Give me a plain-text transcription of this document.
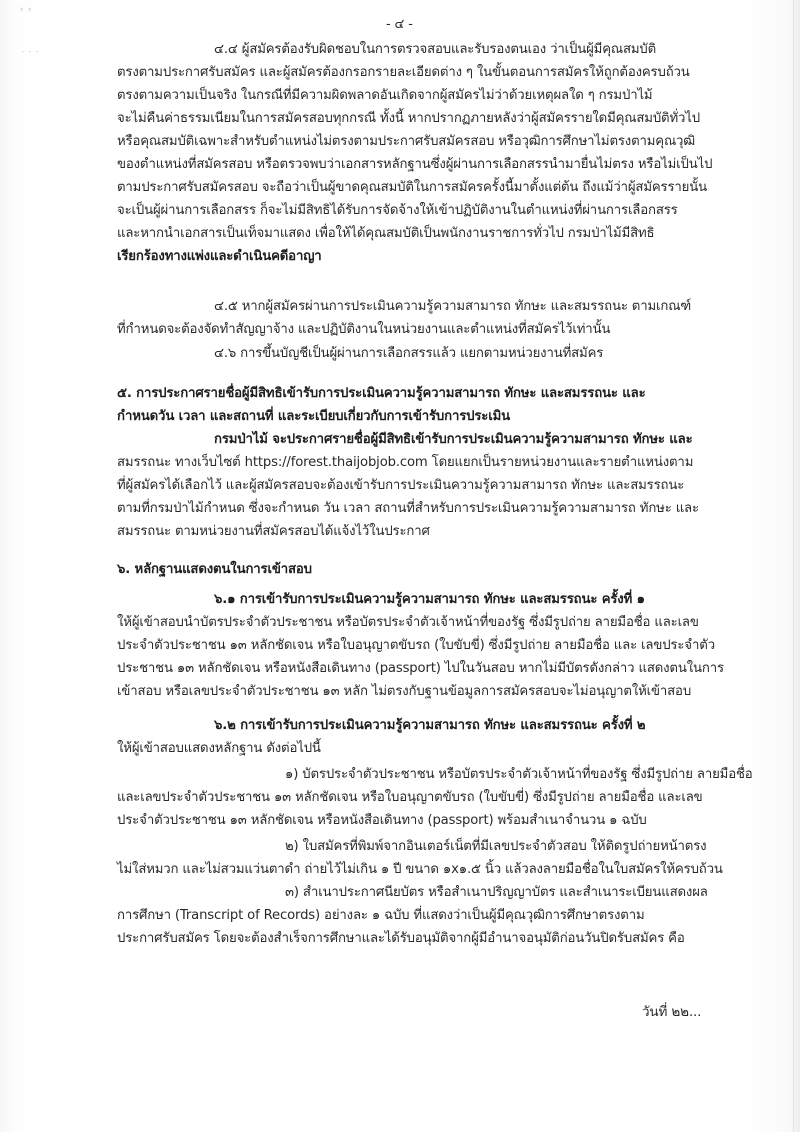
ะ ะ
- - -
- ๔ -
๔.๔ ผู้สมัครต้องรับผิดชอบในการตรวจสอบและรับรองตนเอง ว่าเป็นผู้มีคุณสมบัติ
ตรงตามประกาศรับสมัคร และผู้สมัครต้องกรอกรายละเอียดต่าง ๆ ในขั้นตอนการสมัครให้ถูกต้องครบถ้วน
ตรงตามความเป็นจริง ในกรณีที่มีความผิดพลาดอันเกิดจากผู้สมัครไม่ว่าด้วยเหตุผลใด ๆ กรมป่าไม้
จะไม่คืนค่าธรรมเนียมในการสมัครสอบทุกกรณี ทั้งนี้ หากปรากฏภายหลังว่าผู้สมัครรายใดมีคุณสมบัติทั่วไป
หรือคุณสมบัติเฉพาะสำหรับตำแหน่งไม่ตรงตามประกาศรับสมัครสอบ หรือวุฒิการศึกษาไม่ตรงตามคุณวุฒิ
ของตำแหน่งที่สมัครสอบ หรือตรวจพบว่าเอกสารหลักฐานซึ่งผู้ผ่านการเลือกสรรนำมายื่นไม่ตรง หรือไม่เป็นไป
ตามประกาศรับสมัครสอบ จะถือว่าเป็นผู้ขาดคุณสมบัติในการสมัครครั้งนี้มาตั้งแต่ต้น ถึงแม้ว่าผู้สมัครรายนั้น
จะเป็นผู้ผ่านการเลือกสรร ก็จะไม่มีสิทธิได้รับการจัดจ้างให้เข้าปฏิบัติงานในตำแหน่งที่ผ่านการเลือกสรร
และหากนำเอกสารเป็นเท็จมาแสดง เพื่อให้ได้คุณสมบัติเป็นพนักงานราชการทั่วไป กรมป่าไม้มีสิทธิ
เรียกร้องทางแพ่งและดำเนินคดีอาญา
๔.๕ หากผู้สมัครผ่านการประเมินความรู้ความสามารถ ทักษะ และสมรรถนะ ตามเกณฑ์
ที่กำหนดจะต้องจัดทำสัญญาจ้าง และปฏิบัติงานในหน่วยงานและตำแหน่งที่สมัครไว้เท่านั้น
๔.๖ การขึ้นบัญชีเป็นผู้ผ่านการเลือกสรรแล้ว แยกตามหน่วยงานที่สมัคร
๕. การประกาศรายชื่อผู้มีสิทธิเข้ารับการประเมินความรู้ความสามารถ ทักษะ และสมรรถนะ และ
กำหนดวัน เวลา และสถานที่ และระเบียบเกี่ยวกับการเข้ารับการประเมิน
กรมป่าไม้ จะประกาศรายชื่อผู้มีสิทธิเข้ารับการประเมินความรู้ความสามารถ ทักษะ และ
สมรรถนะ ทางเว็บไซต์ https://forest.thaijobjob.com โดยแยกเป็นรายหน่วยงานและรายตำแหน่งตาม
ที่ผู้สมัครได้เลือกไว้ และผู้สมัครสอบจะต้องเข้ารับการประเมินความรู้ความสามารถ ทักษะ และสมรรถนะ
ตามที่กรมป่าไม้กำหนด ซึ่งจะกำหนด วัน เวลา สถานที่สำหรับการประเมินความรู้ความสามารถ ทักษะ และ
สมรรถนะ ตามหน่วยงานที่สมัครสอบได้แจ้งไว้ในประกาศ
๖. หลักฐานแสดงตนในการเข้าสอบ
๖.๑ การเข้ารับการประเมินความรู้ความสามารถ ทักษะ และสมรรถนะ ครั้งที่ ๑
ให้ผู้เข้าสอบนำบัตรประจำตัวประชาชน หรือบัตรประจำตัวเจ้าหน้าที่ของรัฐ ซึ่งมีรูปถ่าย ลายมือชื่อ และเลข
ประจำตัวประชาชน ๑๓ หลักชัดเจน หรือใบอนุญาตขับรถ (ใบขับขี่) ซึ่งมีรูปถ่าย ลายมือชื่อ และ เลขประจำตัว
ประชาชน ๑๓ หลักชัดเจน หรือหนังสือเดินทาง (passport) ไปในวันสอบ หากไม่มีบัตรดังกล่าว แสดงตนในการ
เข้าสอบ หรือเลขประจำตัวประชาชน ๑๓ หลัก ไม่ตรงกับฐานข้อมูลการสมัครสอบจะไม่อนุญาตให้เข้าสอบ
๖.๒ การเข้ารับการประเมินความรู้ความสามารถ ทักษะ และสมรรถนะ ครั้งที่ ๒
ให้ผู้เข้าสอบแสดงหลักฐาน ดังต่อไปนี้
๑) บัตรประจำตัวประชาชน หรือบัตรประจำตัวเจ้าหน้าที่ของรัฐ ซึ่งมีรูปถ่าย ลายมือชื่อ
และเลขประจำตัวประชาชน ๑๓ หลักชัดเจน หรือใบอนุญาตขับรถ (ใบขับขี่) ซึ่งมีรูปถ่าย ลายมือชื่อ และเลข
ประจำตัวประชาชน ๑๓ หลักชัดเจน หรือหนังสือเดินทาง (passport) พร้อมสำเนาจำนวน ๑ ฉบับ
๒) ใบสมัครที่พิมพ์จากอินเตอร์เน็ตที่มีเลขประจำตัวสอบ ให้ติดรูปถ่ายหน้าตรง
ไม่ใส่หมวก และไม่สวมแว่นตาดำ ถ่ายไว้ไม่เกิน ๑ ปี ขนาด ๑x๑.๕ นิ้ว แล้วลงลายมือชื่อในใบสมัครให้ครบถ้วน
๓) สำเนาประกาศนียบัตร หรือสำเนาปริญญาบัตร และสำเนาระเบียนแสดงผล
การศึกษา (Transcript of Records) อย่างละ ๑ ฉบับ ที่แสดงว่าเป็นผู้มีคุณวุฒิการศึกษาตรงตาม
ประกาศรับสมัคร โดยจะต้องสำเร็จการศึกษาและได้รับอนุมัติจากผู้มีอำนาจอนุมัติก่อนวันปิดรับสมัคร คือ
วันที่ ๒๒...
